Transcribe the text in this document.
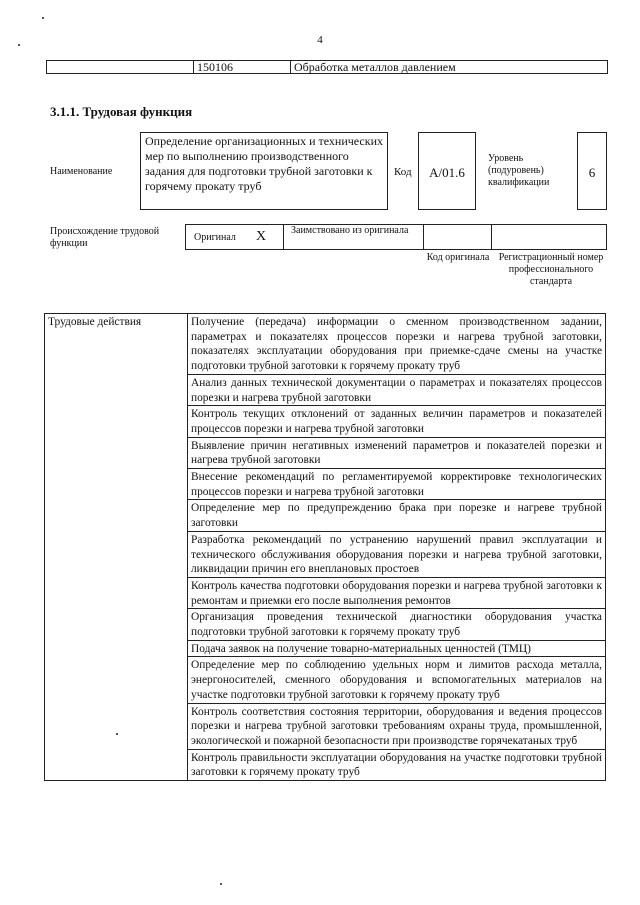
4
	150106	Обработка металлов давлением
3.1.1. Трудовая функция
Наименование
Определение организационных и технических мер по выполнению производственного задания для подготовки трубной заготовки к горячему прокату труб
Код	A/01.6
Уровень (подуровень) квалификации
6
Происхождение трудовой функции
Оригинал X Заимствовано из оригинала
Код оригинала Регистрационный номер профессионального стандарта
Трудовые действия	Получение (передача) информации о сменном производственном задании, параметрах и показателях процессов порезки и нагрева трубной заготовки, показателях эксплуатации оборудования при приемке-сдаче смены на участке подготовки трубной заготовки к горячему прокату труб
Анализ данных технической документации о параметрах и показателях процессов порезки и нагрева трубной заготовки
Контроль текущих отклонений от заданных величин параметров и показателей процессов порезки и нагрева трубной заготовки
Выявление причин негативных изменений параметров и показателей порезки и нагрева трубной заготовки
Внесение рекомендаций по регламентируемой корректировке технологических процессов порезки и нагрева трубной заготовки
Определение мер по предупреждению брака при порезке и нагреве трубной заготовки
Разработка рекомендаций по устранению нарушений правил эксплуатации и технического обслуживания оборудования порезки и нагрева трубной заготовки, ликвидации причин его внеплановых простоев
Контроль качества подготовки оборудования порезки и нагрева трубной заготовки к ремонтам и приемки его после выполнения ремонтов
Организация проведения технической диагностики оборудования участка подготовки трубной заготовки к горячему прокату труб
Подача заявок на получение товарно-материальных ценностей (ТМЦ)
Определение мер по соблюдению удельных норм и лимитов расхода металла, энергоносителей, сменного оборудования и вспомогательных материалов на участке подготовки трубной заготовки к горячему прокату труб
Контроль соответствия состояния территории, оборудования и ведения процессов порезки и нагрева трубной заготовки требованиям охраны труда, промышленной, экологической и пожарной безопасности при производстве горячекатаных труб
Контроль правильности эксплуатации оборудования на участке подготовки трубной заготовки к горячему прокату труб
